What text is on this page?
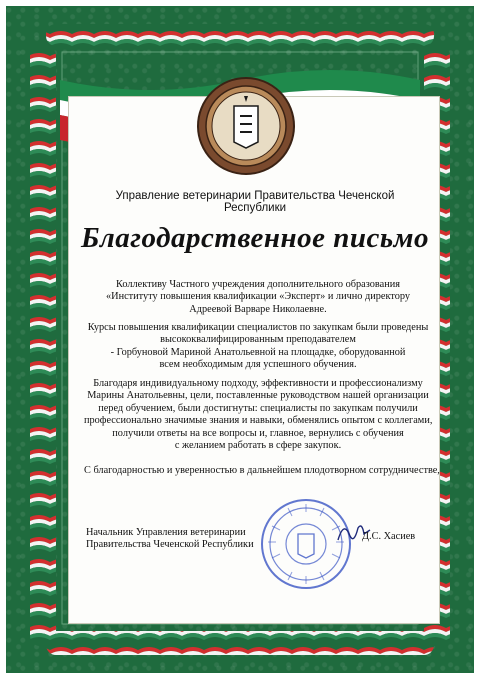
Управление ветеринарии Правительства Чеченской Республики
Благодарственное письмо
Коллективу Частного учреждения дополнительного образования
«Институту повышения квалификации «Эксперт» и лично директору
Адреевой Варваре Николаевне.
Курсы повышения квалификации специалистов по закупкам были проведены
высококвалифицированным преподавателем
- Горбуновой Мариной Анатольевной на площадке, оборудованной
всем необходимым для успешного обучения.
Благодаря индивидуальному подходу, эффективности и профессионализму
Марины Анатольевны, цели, поставленные руководством нашей организации
перед обучением, были достигнуты: специалисты по закупкам получили
профессионально значимые знания и навыки, обменялись опытом с коллегами,
получили ответы на все вопросы и, главное, вернулись с обучения
с желанием работать в сфере закупок.
С благодарностью и уверенностью в дальнейшем плодотворном сотрудничестве,
Начальник Управления ветеринарии
Правительства Чеченской Республики
Д.С. Хасиев
